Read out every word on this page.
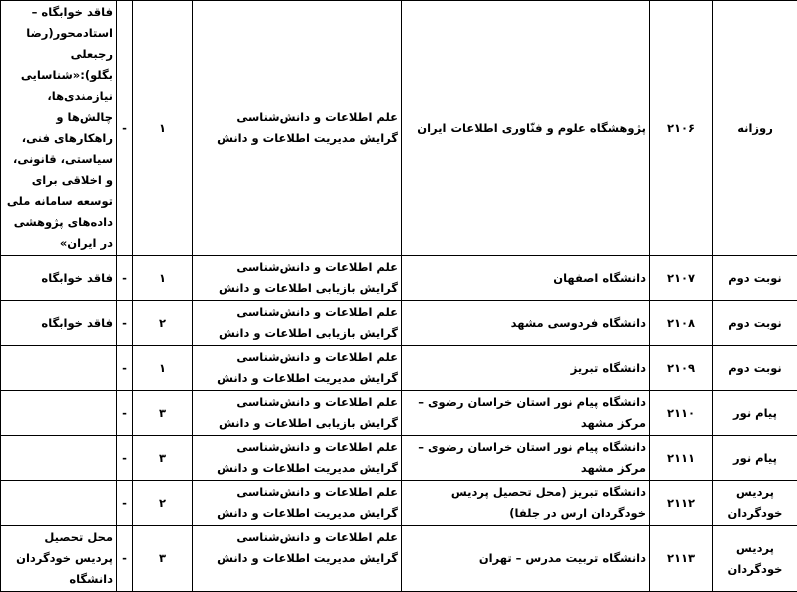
روزانه	۲۱۰۶	پژوهشگاه علوم و فنّاوری اطلاعات ایران	علم اطلاعات و دانش‌شناسی گرایش مدیریت اطلاعات و دانش	۱	-	فاقد خوابگاه – استادمحور(رضا رجبعلی بگلو):«شناسایی نیازمندی‌ها، چالش‌ها و راهکارهای فنی، سیاستی، قانونی، و اخلاقی برای توسعه سامانه ملی داده‌های پژوهشی در ایران»
نوبت دوم	۲۱۰۷	دانشگاه اصفهان	علم اطلاعات و دانش‌شناسی گرایش بازیابی اطلاعات و دانش	۱	-	فاقد خوابگاه
نوبت دوم	۲۱۰۸	دانشگاه فردوسی مشهد	علم اطلاعات و دانش‌شناسی گرایش بازیابی اطلاعات و دانش	۲	-	فاقد خوابگاه
نوبت دوم	۲۱۰۹	دانشگاه تبریز	علم اطلاعات و دانش‌شناسی گرایش مدیریت اطلاعات و دانش	۱	-	
پیام نور	۲۱۱۰	دانشگاه پیام نور استان خراسان رضوی – مرکز مشهد	علم اطلاعات و دانش‌شناسی گرایش بازیابی اطلاعات و دانش	۳	-	
پیام نور	۲۱۱۱	دانشگاه پیام نور استان خراسان رضوی – مرکز مشهد	علم اطلاعات و دانش‌شناسی گرایش مدیریت اطلاعات و دانش	۳	-	
پردیس خودگردان	۲۱۱۲	دانشگاه تبریز (محل تحصیل پردیس خودگردان ارس در جلفا)	علم اطلاعات و دانش‌شناسی گرایش مدیریت اطلاعات و دانش	۲	-	
پردیس خودگردان	۲۱۱۳	دانشگاه تربیت مدرس – تهران	علم اطلاعات و دانش‌شناسی گرایش مدیریت اطلاعات و دانش	۳	-	محل تحصیل پردیس خودگردان دانشگاه
